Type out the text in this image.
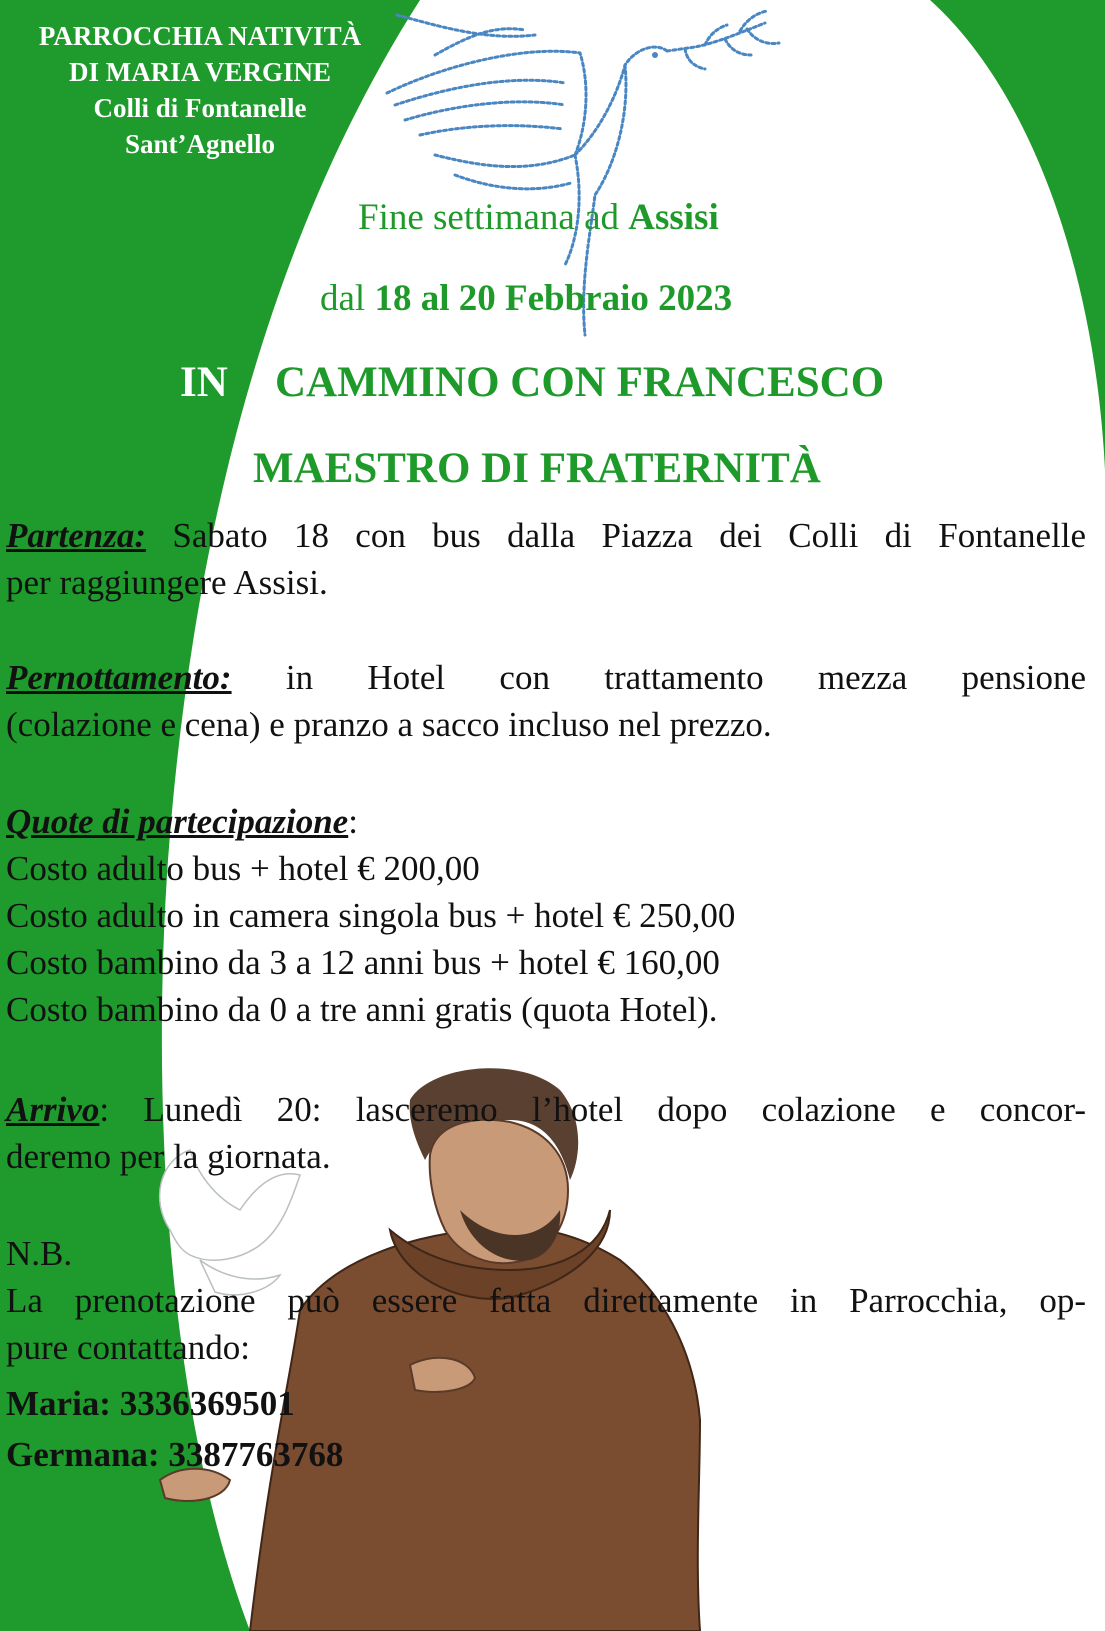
PARROCCHIA NATIVITÀ
DI MARIA VERGINE
Colli di Fontanelle
Sant’Agnello
Fine settimana ad Assisi
dal 18 al 20 Febbraio 2023
IN CAMMINO CON FRANCESCO
MAESTRO DI FRATERNITÀ
Partenza: Sabato 18 con bus dalla Piazza dei Colli di Fontanelle
per raggiungere Assisi.
Pernottamento: in Hotel con trattamento mezza pensione
(colazione e cena) e pranzo a sacco incluso nel prezzo.
Quote di partecipazione:
Costo adulto bus + hotel € 200,00
Costo adulto in camera singola bus + hotel € 250,00
Costo bambino da 3 a 12 anni bus + hotel € 160,00
Costo bambino da 0 a tre anni gratis (quota Hotel).
Arrivo: Lunedì 20: lasceremo l’hotel dopo colazione e concor-
deremo per la giornata.
N.B.
La prenotazione può essere fatta direttamente in Parrocchia, op-
pure contattando:
Maria: 3336369501
Germana: 3387763768
Il Parroco
Don Antonino
De Maio
